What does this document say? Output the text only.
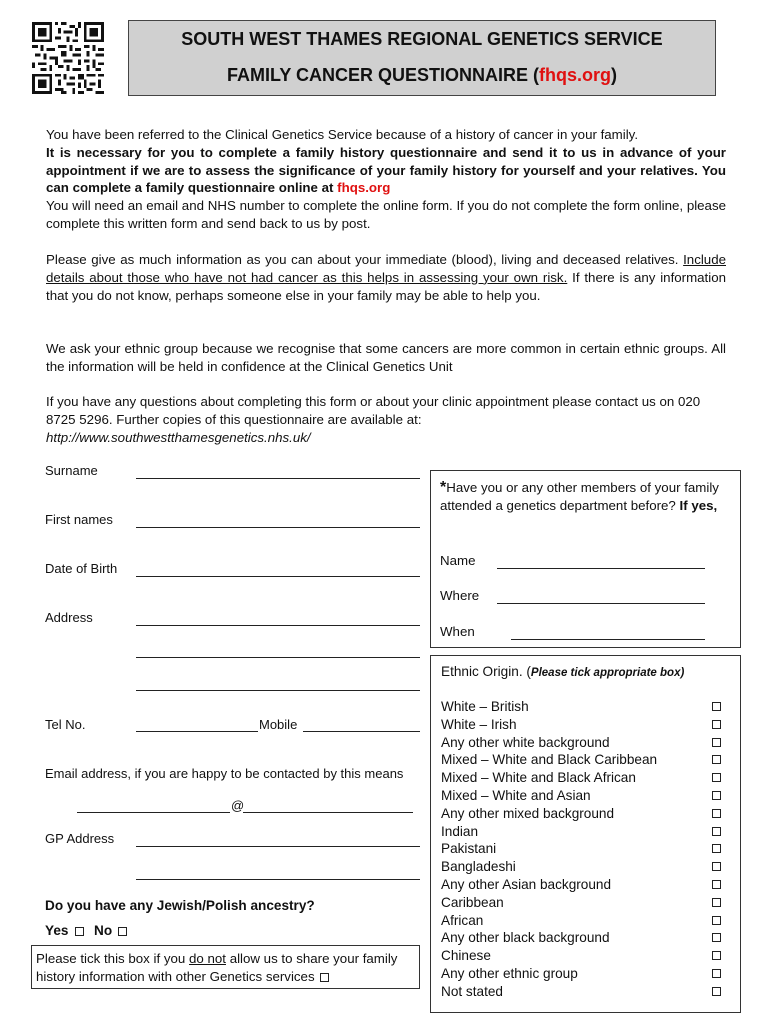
SOUTH WEST THAMES REGIONAL GENETICS SERVICE
FAMILY CANCER QUESTIONNAIRE (fhqs.org)

You have been referred to the Clinical Genetics Service because of a history of cancer in your family.

It is necessary for you to complete a family history questionnaire and send it to us in advance of your appointment if we are to assess the significance of your family history for yourself and your relatives. You can complete a family questionnaire online at fhqs.org

You will need an email and NHS number to complete the online form. If you do not complete the form online, please complete this written form and send back to us by post.

Please give as much information as you can about your immediate (blood), living and deceased relatives. Include details about those who have not had cancer as this helps in assessing your own risk. If there is any information that you do not know, perhaps someone else in your family may be able to help you.
We ask your ethnic group because we recognise that some cancers are more common in certain ethnic groups. All the information will be held in confidence at the Clinical Genetics Unit
If you have any questions about completing this form or about your clinic appointment please contact us on 020 8725 5296. Further copies of this questionnaire are available at:
http://www.southwestthamesgenetics.nhs.uk/
Surname
First names
Date of Birth
Address
Tel No.	Mobile
Email address, if you are happy to be contacted by this means
@
GP Address
Do you have any Jewish/Polish ancestry?
Yes No
Please tick this box if you do not allow us to share your family history information with other Genetics services
*Have you or any other members of your family attended a genetics department before? If yes,
Name
Where
When
Ethnic Origin. (Please tick appropriate box)
White – British
White – Irish
Any other white background
Mixed – White and Black Caribbean
Mixed – White and Black African
Mixed – White and Asian
Any other mixed background
Indian
Pakistani
Bangladeshi
Any other Asian background
Caribbean
African
Any other black background
Chinese
Any other ethnic group
Not stated
